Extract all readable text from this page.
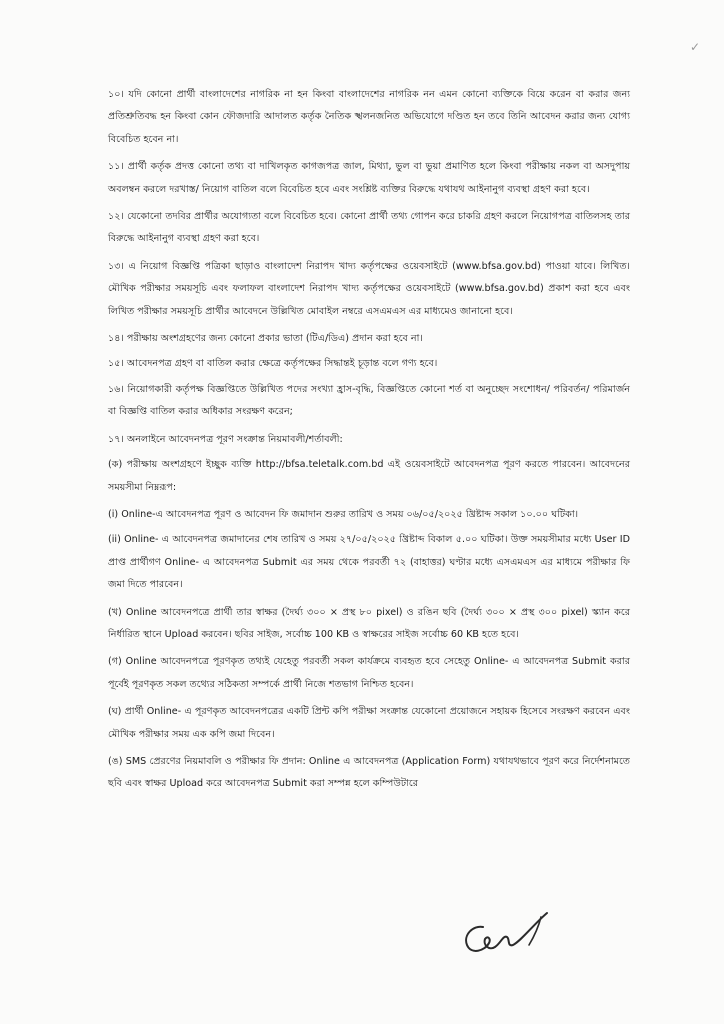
✓

১০। যদি কোনো প্রার্থী বাংলাদেশের নাগরিক না হন কিংবা বাংলাদেশের নাগরিক নন এমন কোনো ব্যক্তিকে বিয়ে করেন বা করার জন্য প্রতিশ্রুতিবদ্ধ হন কিংবা কোন ফৌজদারি আদালত কর্তৃক নৈতিক স্খলনজনিত অভিযোগে দণ্ডিত হন তবে তিনি আবেদন করার জন্য যোগ্য বিবেচিত হবেন না।

১১। প্রার্থী কর্তৃক প্রদত্ত কোনো তথ্য বা দাখিলকৃত কাগজপত্র জাল, মিথ্যা, ভুল বা ভুয়া প্রমাণিত হলে কিংবা পরীক্ষায় নকল বা অসদুপায় অবলম্বন করলে দরখাস্ত/ নিয়োগ বাতিল বলে বিবেচিত হবে এবং সংশ্লিষ্ট ব্যক্তির বিরুদ্ধে যথাযথ আইনানুগ ব্যবস্থা গ্রহণ করা হবে।

১২। যেকোনো তদবির প্রার্থীর অযোগ্যতা বলে বিবেচিত হবে। কোনো প্রার্থী তথ্য গোপন করে চাকরি গ্রহণ করলে নিয়োগপত্র বাতিলসহ তার বিরুদ্ধে আইনানুগ ব্যবস্থা গ্রহণ করা হবে।

১৩। এ নিয়োগ বিজ্ঞপ্তি পত্রিকা ছাড়াও বাংলাদেশ নিরাপদ খাদ্য কর্তৃপক্ষের ওয়েবসাইটে (www.bfsa.gov.bd) পাওয়া যাবে। লিখিত। মৌখিক পরীক্ষার সময়সূচি এবং ফলাফল বাংলাদেশ নিরাপদ খাদ্য কর্তৃপক্ষের ওয়েবসাইটে (www.bfsa.gov.bd) প্রকাশ করা হবে এবং লিখিত পরীক্ষার সময়সূচি প্রার্থীর আবেদনে উল্লিখিত মোবাইল নম্বরে এসএমএস এর মাধ্যমেও জানানো হবে।

১৪। পরীক্ষায় অংশগ্রহণের জন্য কোনো প্রকার ভাতা (টিএ/ডিএ) প্রদান করা হবে না।

১৫। আবেদনপত্র গ্রহণ বা বাতিল করার ক্ষেত্রে কর্তৃপক্ষের সিদ্ধান্তই চূড়ান্ত বলে গণ্য হবে।

১৬। নিয়োগকারী কর্তৃপক্ষ বিজ্ঞপ্তিতে উল্লিখিত পদের সংখ্যা হ্রাস-বৃদ্ধি, বিজ্ঞপ্তিতে কোনো শর্ত বা অনুচ্ছেদ সংশোধন/ পরিবর্তন/ পরিমার্জন বা বিজ্ঞপ্তি বাতিল করার অধিকার সংরক্ষণ করেন;

১৭। অনলাইনে আবেদনপত্র পূরণ সংক্রান্ত নিয়মাবলী/শর্তাবলী:

(ক) পরীক্ষায় অংশগ্রহণে ইচ্ছুক ব্যক্তি http://bfsa.teletalk.com.bd এই ওয়েবসাইটে আবেদনপত্র পূরণ করতে পারবেন। আবেদনের সময়সীমা নিম্নরূপ:

(i) Online-এ আবেদনপত্র পূরণ ও আবেদন ফি জমাদান শুরুর তারিখ ও সময় ০৬/০৫/২০২৫ খ্রিষ্টাব্দ সকাল ১০.০০ ঘটিকা।

(ii) Online- এ আবেদনপত্র জমাদানের শেষ তারিখ ও সময় ২৭/০৫/২০২৫ খ্রিষ্টাব্দ বিকাল ৫.০০ ঘটিকা। উক্ত সময়সীমার মধ্যে User ID প্রাপ্ত প্রার্থীগণ Online- এ আবেদনপত্র Submit এর সময় থেকে পরবর্তী ৭২ (বাহাত্তর) ঘণ্টার মধ্যে এসএমএস এর মাধ্যমে পরীক্ষার ফি জমা দিতে পারবেন।

(খ) Online আবেদনপত্রে প্রার্থী তার স্বাক্ষর (দৈর্ঘ্য ৩০০ × প্রস্থ ৮০ pixel) ও রঙিন ছবি (দৈর্ঘ্য ৩০০ × প্রস্থ ৩০০ pixel) স্ক্যান করে নির্ধারিত স্থানে Upload করবেন। ছবির সাইজ, সর্বোচ্চ 100 KB ও স্বাক্ষরের সাইজ সর্বোচ্চ 60 KB হতে হবে।

(গ) Online আবেদনপত্রে পূরণকৃত তথ্যই যেহেতু পরবর্তী সকল কার্যক্রমে ব্যবহৃত হবে সেহেতু Online- এ আবেদনপত্র Submit করার পূর্বেই পূরণকৃত সকল তথ্যের সঠিকতা সম্পর্কে প্রার্থী নিজে শতভাগ নিশ্চিত হবেন।

(ঘ) প্রার্থী Online- এ পূরণকৃত আবেদনপত্রের একটি প্রিন্ট কপি পরীক্ষা সংক্রান্ত যেকোনো প্রয়োজনে সহায়ক হিসেবে সংরক্ষণ করবেন এবং মৌখিক পরীক্ষার সময় এক কপি জমা দিবেন।

(ঙ) SMS প্রেরণের নিয়মাবলি ও পরীক্ষার ফি প্রদান: Online এ আবেদনপত্র (Application Form) যথাযথভাবে পূরণ করে নির্দেশনামতে ছবি এবং স্বাক্ষর Upload করে আবেদনপত্র Submit করা সম্পন্ন হলে কম্পিউটারে
